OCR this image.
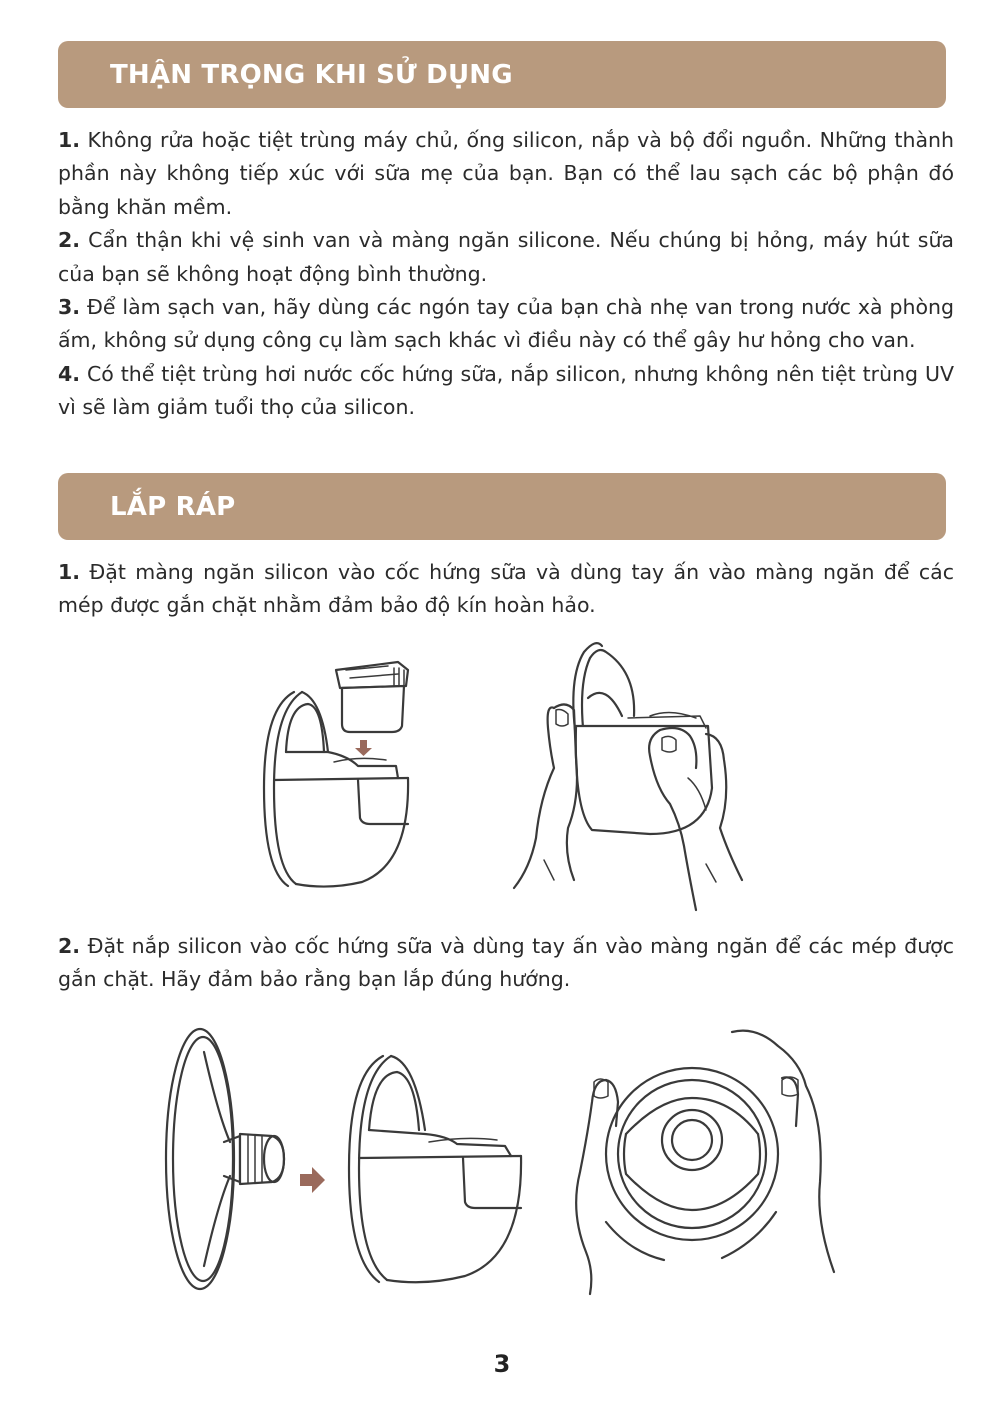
THẬN TRỌNG KHI SỬ DỤNG

1. Không rửa hoặc tiệt trùng máy chủ, ống silicon, nắp và bộ đổi nguồn. Những thành phần này không tiếp xúc với sữa mẹ của bạn. Bạn có thể lau sạch các bộ phận đó bằng khăn mềm.

2. Cẩn thận khi vệ sinh van và màng ngăn silicone. Nếu chúng bị hỏng, máy hút sữa của bạn sẽ không hoạt động bình thường.

3. Để làm sạch van, hãy dùng các ngón tay của bạn chà nhẹ van trong nước xà phòng ấm, không sử dụng công cụ làm sạch khác vì điều này có thể gây hư hỏng cho van.

4. Có thể tiệt trùng hơi nước cốc hứng sữa, nắp silicon, nhưng không nên tiệt trùng UV vì sẽ làm giảm tuổi thọ của silicon.

LẮP RÁP

1. Đặt màng ngăn silicon vào cốc hứng sữa và dùng tay ấn vào màng ngăn để các mép được gắn chặt nhằm đảm bảo độ kín hoàn hảo.

2. Đặt nắp silicon vào cốc hứng sữa và dùng tay ấn vào màng ngăn để các mép được gắn chặt. Hãy đảm bảo rằng bạn lắp đúng hướng.

3
